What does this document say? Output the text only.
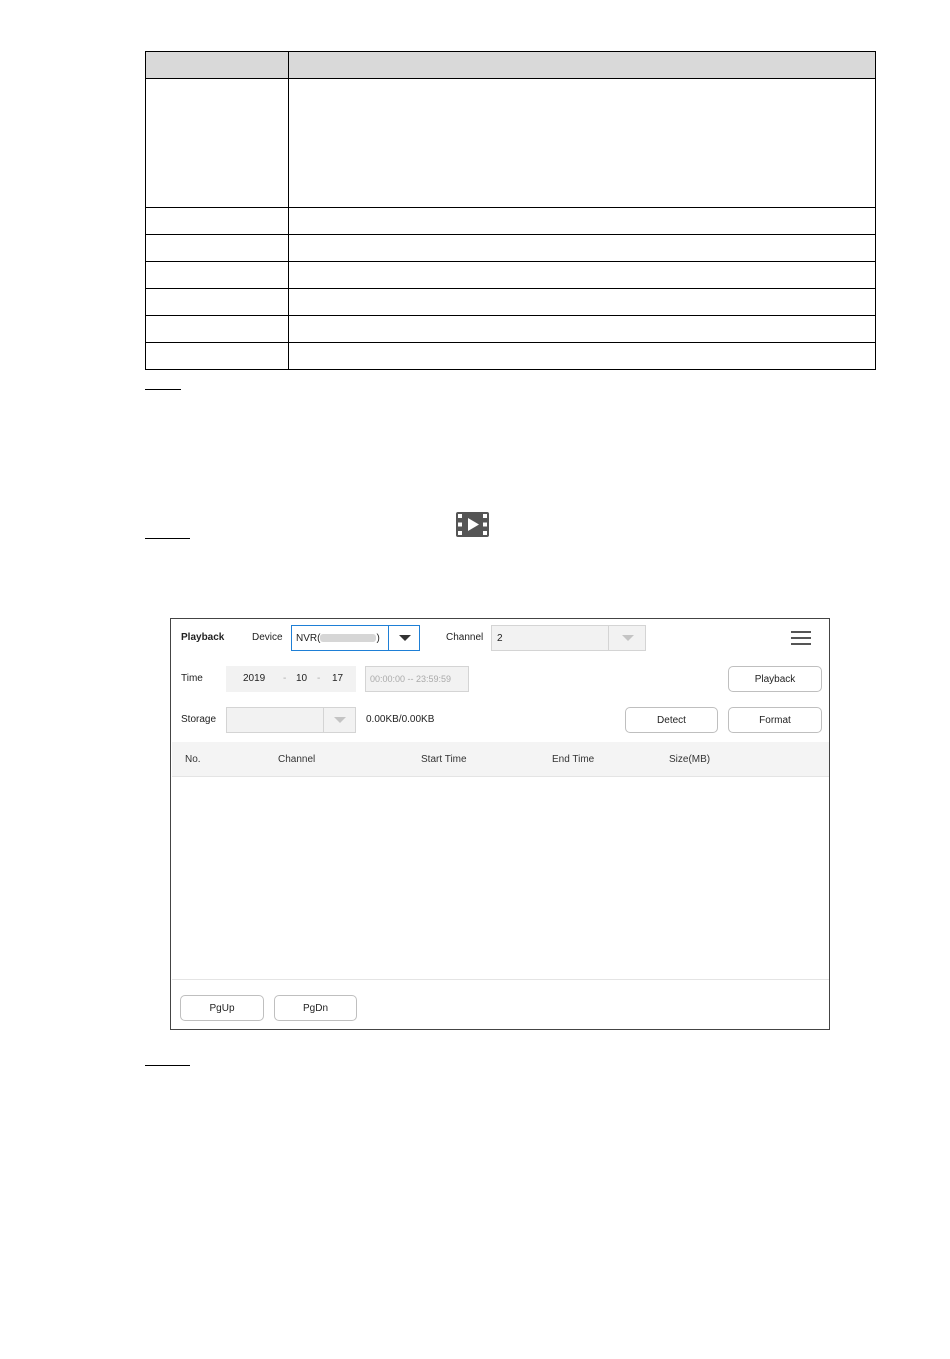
Playback	Device NVR(	)	Channel 2
Time	2019 - 10 - 17	00:00:00 -- 23:59:59	Playback
Storage	0.00KB/0.00KB	Detect	Format
No.	Channel	Start Time	End Time	Size(MB)
PgUp	PgDn
